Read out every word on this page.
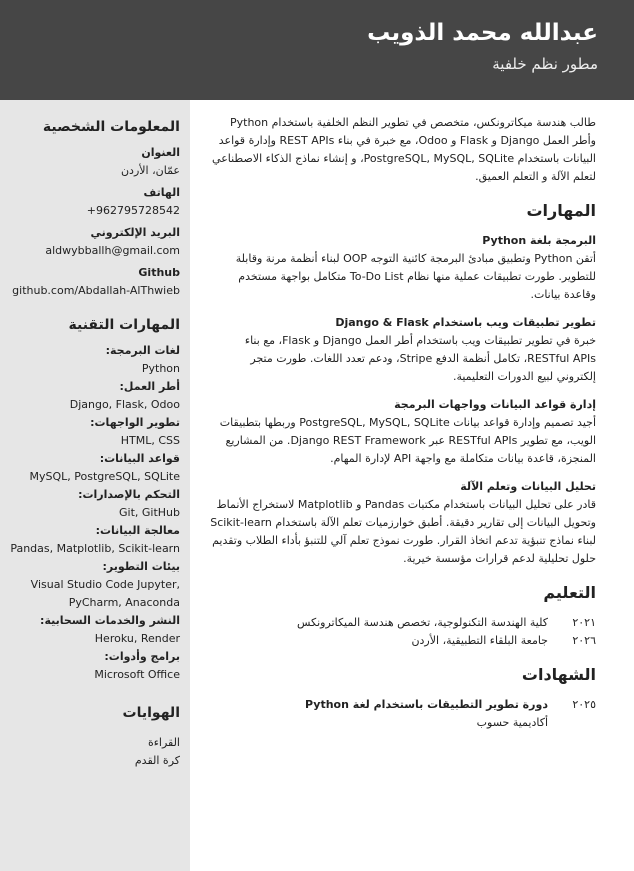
عبدالله محمد الذويب
مطور نظم خلفية
المعلومات الشخصية
العنوان
عمّان، الأردن
الهاتف
+962795728542
البريد الإلكتروني
aldwybballh@gmail.com
Github
github.com/Abdallah-AlThwieb
المهارات التقنية
لغات البرمجة:
Python
أطر العمل:
Django, Flask, Odoo
تطوير الواجهات:
HTML, CSS
قواعد البيانات:
MySQL, PostgreSQL, SQLite
التحكم بالإصدارات:
Git, GitHub
معالجة البيانات:
Pandas, Matplotlib, Scikit-learn
بيئات التطوير:
Visual Studio Code Jupyter, PyCharm, Anaconda
النشر والخدمات السحابية:
Heroku, Render
برامج وأدوات:
Microsoft Office
الهوايات
القراءة
كرة القدم
طالب هندسة ميكاترونكس، متخصص في تطوير النظم الخلفية باستخدام Python وأطر العمل Django و Flask و Odoo، مع خبرة في بناء REST APIs وإدارة قواعد البيانات باستخدام PostgreSQL, MySQL, SQLite، و إنشاء نماذج الذكاء الاصطناعي لتعلم الآلة و التعلم العميق.
المهارات
البرمجة بلغة Python
أتقن Python وتطبيق مبادئ البرمجة كائنية التوجه OOP لبناء أنظمة مرنة وقابلة للتطوير. طورت تطبيقات عملية منها نظام To-Do List متكامل بواجهة مستخدم وقاعدة بيانات.
تطوير تطبيقات ويب باستخدام Django & Flask
خبرة في تطوير تطبيقات ويب باستخدام أطر العمل Django و Flask، مع بناء RESTful APIs، تكامل أنظمة الدفع Stripe، ودعم تعدد اللغات. طورت متجر إلكتروني لبيع الدورات التعليمية.
إدارة قواعد البيانات وواجهات البرمجة
أجيد تصميم وإدارة قواعد بيانات PostgreSQL, MySQL, SQLite وربطها بتطبيقات الويب، مع تطوير RESTful APIs عبر Django REST Framework. من المشاريع المنجزة، قاعدة بيانات متكاملة مع واجهة API لإدارة المهام.
تحليل البيانات وتعلم الآلة
قادر على تحليل البيانات باستخدام مكتبات Pandas و Matplotlib لاستخراج الأنماط وتحويل البيانات إلى تقارير دقيقة. أطبق خوارزميات تعلم الآلة باستخدام Scikit-learn لبناء نماذج تنبؤية تدعم اتخاذ القرار. طورت نموذج تعلم آلي للتنبؤ بأداء الطلاب وتقديم حلول تحليلية لدعم قرارات مؤسسة خيرية.
التعليم
٢٠٢١
كلية الهندسة التكنولوجية، تخصص هندسة الميكاترونكس
٢٠٢٦
جامعة البلقاء التطبيقية، الأردن
الشهادات
٢٠٢٥
دورة تطوير التطبيقات باستخدام لغة Python
أكاديمية حسوب
